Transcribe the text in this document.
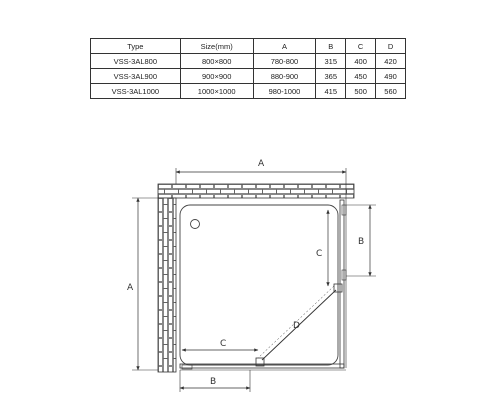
Type	Size(mm)	A	B	C	D
VSS-3AL800	800×800	780-800	315	400	420
VSS-3AL900	900×900	880-900	365	450	490
VSS-3AL1000	1000×1000	980-1000	415	500	560
A
A
B
C
C
D
B
